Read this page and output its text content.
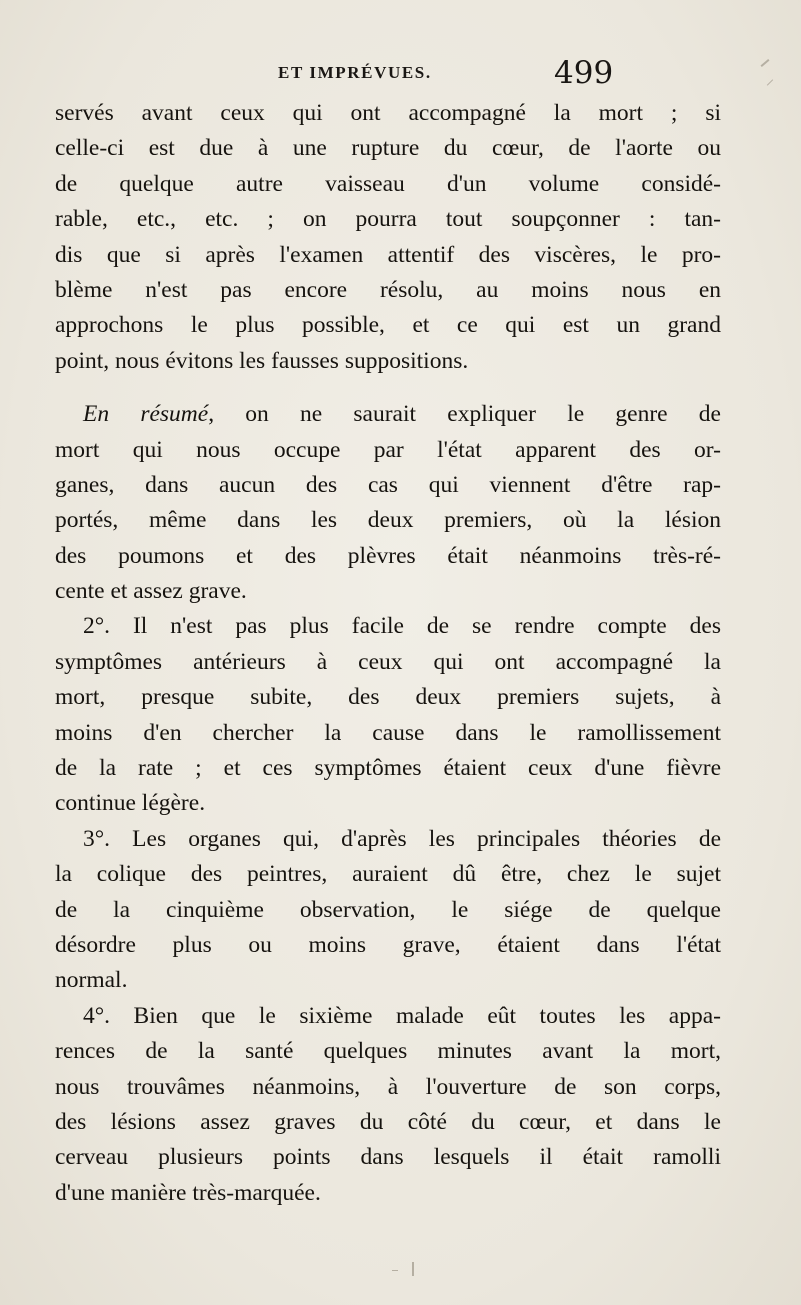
ET IMPRÉVUES.	499
servés avant ceux qui ont accompagné la mort ; si
celle-ci est due à une rupture du cœur, de l'aorte ou
de quelque autre vaisseau d'un volume considé-
rable, etc., etc. ; on pourra tout soupçonner : tan-
dis que si après l'examen attentif des viscères, le pro-
blème n'est pas encore résolu, au moins nous en
approchons le plus possible, et ce qui est un grand
point, nous évitons les fausses suppositions.
En résumé, on ne saurait expliquer le genre de
mort qui nous occupe par l'état apparent des or-
ganes, dans aucun des cas qui viennent d'être rap-
portés, même dans les deux premiers, où la lésion
des poumons et des plèvres était néanmoins très-ré-
cente et assez grave.
2°. Il n'est pas plus facile de se rendre compte des
symptômes antérieurs à ceux qui ont accompagné la
mort, presque subite, des deux premiers sujets, à
moins d'en chercher la cause dans le ramollissement
de la rate ; et ces symptômes étaient ceux d'une fièvre
continue légère.
3°. Les organes qui, d'après les principales théories de
la colique des peintres, auraient dû être, chez le sujet
de la cinquième observation, le siége de quelque
désordre plus ou moins grave, étaient dans l'état
normal.
4°. Bien que le sixième malade eût toutes les appa-
rences de la santé quelques minutes avant la mort,
nous trouvâmes néanmoins, à l'ouverture de son corps,
des lésions assez graves du côté du cœur, et dans le
cerveau plusieurs points dans lesquels il était ramolli
d'une manière très-marquée.
